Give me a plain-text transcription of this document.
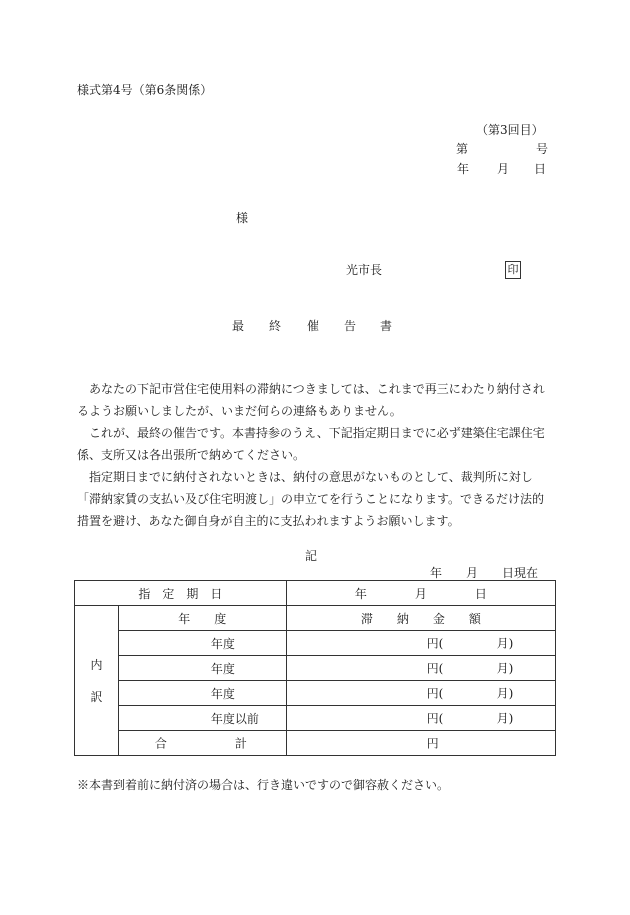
様式第4号（第6条関係）
（第3回目）
第	号
年 月 日
様
光市長	印
最 終 催 告 書

あなたの下記市営住宅使用料の滞納につきましては、これまで再三にわたり納付されるようお願いしましたが、いまだ何らの連絡もありません。

これが、最終の催告です。本書持参のうえ、下記指定期日までに必ず建築住宅課住宅係、支所又は各出張所で納めてください。

指定期日までに納付されないときは、納付の意思がないものとして、裁判所に対し「滞納家賃の支払い及び住宅明渡し」の申立てを行うことになります。できるだけ法的措置を避け、あなた御自身が自主的に支払われますようお願いします。

記
年　　月　　日現在
指　定　期　日		年　　　　月　　　　日
内
訳	年　　度	滞　　納　　金　　額
	年度	円( 月)

	年度	円( 月)

	年度	円( 月)

	年度以前	円( 月)

	合 計	円
※本書到着前に納付済の場合は、行き違いですので御容赦ください。
